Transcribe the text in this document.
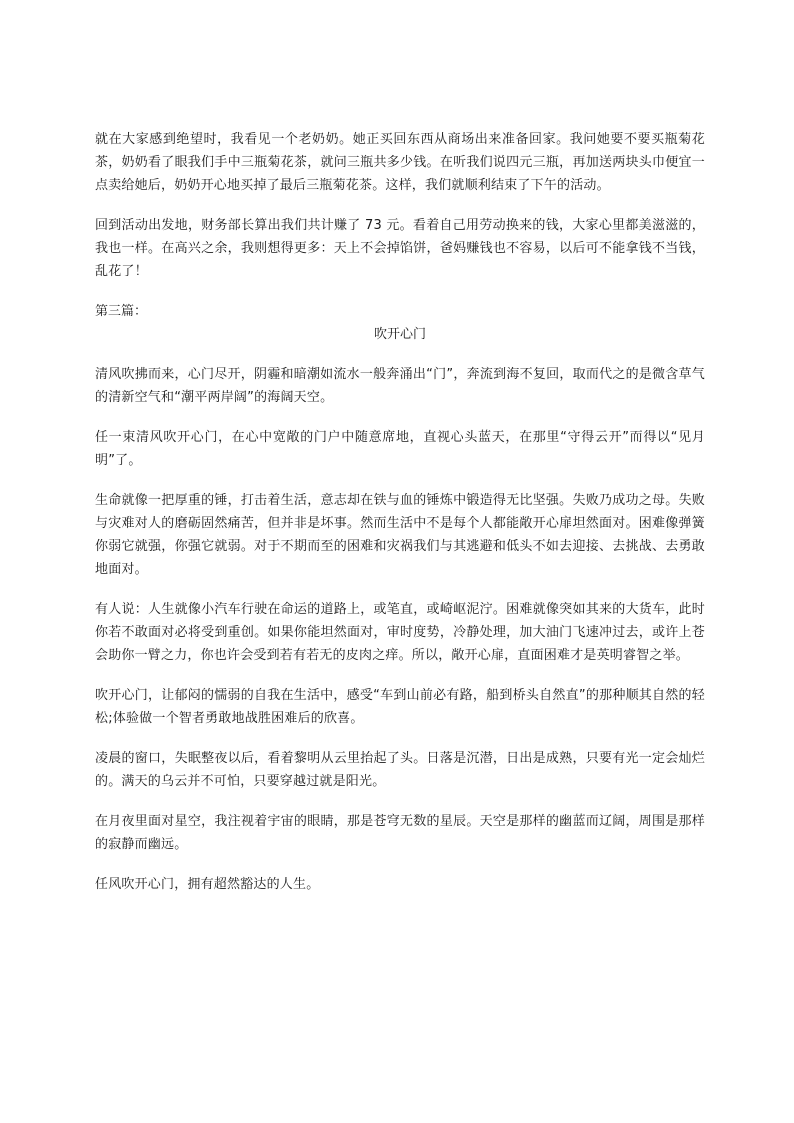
就在大家感到绝望时，我看见一个老奶奶。她正买回东西从商场出来准备回家。我问她要不要买瓶菊花茶，奶奶看了眼我们手中三瓶菊花茶，就问三瓶共多少钱。在听我们说四元三瓶，再加送两块头巾便宜一点卖给她后，奶奶开心地买掉了最后三瓶菊花茶。这样，我们就顺利结束了下午的活动。

回到活动出发地，财务部长算出我们共计赚了 73 元。看着自己用劳动换来的钱，大家心里都美滋滋的，我也一样。在高兴之余，我则想得更多：天上不会掉馅饼，爸妈赚钱也不容易，以后可不能拿钱不当钱，乱花了！

第三篇：

吹开心门

清风吹拂而来，心门尽开，阴霾和暗潮如流水一般奔涌出“门”，奔流到海不复回，取而代之的是微含草气的清新空气和“潮平两岸阔”的海阔天空。

任一束清风吹开心门，在心中宽敞的门户中随意席地，直视心头蓝天，在那里“守得云开”而得以“见月明”了。

生命就像一把厚重的锤，打击着生活，意志却在铁与血的锤炼中锻造得无比坚强。失败乃成功之母。失败与灾难对人的磨砺固然痛苦，但并非是坏事。然而生活中不是每个人都能敞开心扉坦然面对。困难像弹簧你弱它就强，你强它就弱。对于不期而至的困难和灾祸我们与其逃避和低头不如去迎接、去挑战、去勇敢地面对。

有人说：人生就像小汽车行驶在命运的道路上，或笔直，或崎岖泥泞。困难就像突如其来的大货车，此时你若不敢面对必将受到重创。如果你能坦然面对，审时度势，冷静处理，加大油门飞速冲过去，或许上苍会助你一臂之力，你也许会受到若有若无的皮肉之痒。所以，敞开心扉，直面困难才是英明睿智之举。

吹开心门，让郁闷的懦弱的自我在生活中，感受“车到山前必有路，船到桥头自然直”的那种顺其自然的轻松;体验做一个智者勇敢地战胜困难后的欣喜。

凌晨的窗口，失眠整夜以后，看着黎明从云里抬起了头。日落是沉潜，日出是成熟，只要有光一定会灿烂的。满天的乌云并不可怕，只要穿越过就是阳光。

在月夜里面对星空，我注视着宇宙的眼睛，那是苍穹无数的星辰。天空是那样的幽蓝而辽阔，周围是那样的寂静而幽远。

任风吹开心门，拥有超然豁达的人生。
